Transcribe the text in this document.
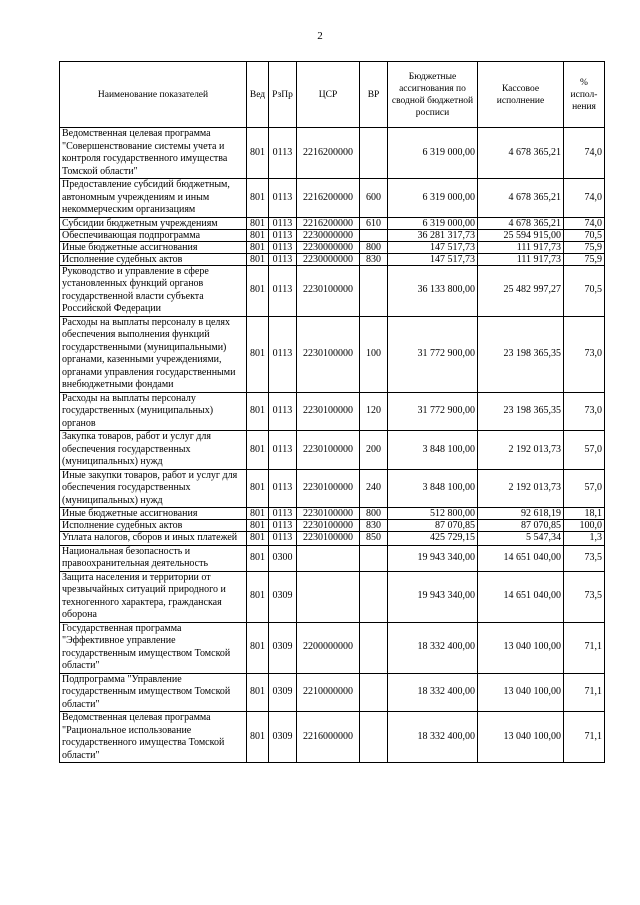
2
Наименование показателей	Вед	РзПр	ЦСР	ВР	Бюджетные ассигнования по сводной бюджетной росписи	Кассовое исполнение	% испол-нения
Ведомственная целевая программа "Совершенствование системы учета и контроля государственного имущества Томской области"	801	0113	2216200000		6 319 000,00	4 678 365,21	74,0
Предоставление субсидий бюджетным, автономным учреждениям и иным некоммерческим организациям	801	0113	2216200000	600	6 319 000,00	4 678 365,21	74,0
Субсидии бюджетным учреждениям	801	0113	2216200000	610	6 319 000,00	4 678 365,21	74,0
Обеспечивающая подпрограмма	801	0113	2230000000		36 281 317,73	25 594 915,00	70,5
Иные бюджетные ассигнования	801	0113	2230000000	800	147 517,73	111 917,73	75,9
Исполнение судебных актов	801	0113	2230000000	830	147 517,73	111 917,73	75,9
Руководство и управление в сфере установленных функций органов государственной власти субъекта Российской Федерации	801	0113	2230100000		36 133 800,00	25 482 997,27	70,5
Расходы на выплаты персоналу в целях обеспечения выполнения функций государственными (муниципальными) органами, казенными учреждениями, органами управления государственными внебюджетными фондами	801	0113	2230100000	100	31 772 900,00	23 198 365,35	73,0
Расходы на выплаты персоналу государственных (муниципальных) органов	801	0113	2230100000	120	31 772 900,00	23 198 365,35	73,0
Закупка товаров, работ и услуг для обеспечения государственных (муниципальных) нужд	801	0113	2230100000	200	3 848 100,00	2 192 013,73	57,0
Иные закупки товаров, работ и услуг для обеспечения государственных (муниципальных) нужд	801	0113	2230100000	240	3 848 100,00	2 192 013,73	57,0
Иные бюджетные ассигнования	801	0113	2230100000	800	512 800,00	92 618,19	18,1
Исполнение судебных актов	801	0113	2230100000	830	87 070,85	87 070,85	100,0
Уплата налогов, сборов и иных платежей	801	0113	2230100000	850	425 729,15	5 547,34	1,3
Национальная безопасность и правоохранительная деятельность	801	0300			19 943 340,00	14 651 040,00	73,5
Защита населения и территории от чрезвычайных ситуаций природного и техногенного характера, гражданская оборона	801	0309			19 943 340,00	14 651 040,00	73,5
Государственная программа "Эффективное управление государственным имуществом Томской области"	801	0309	2200000000		18 332 400,00	13 040 100,00	71,1
Подпрограмма "Управление государственным имуществом Томской области"	801	0309	2210000000		18 332 400,00	13 040 100,00	71,1
Ведомственная целевая программа "Рациональное использование государственного имущества Томской области"	801	0309	2216000000		18 332 400,00	13 040 100,00	71,1
